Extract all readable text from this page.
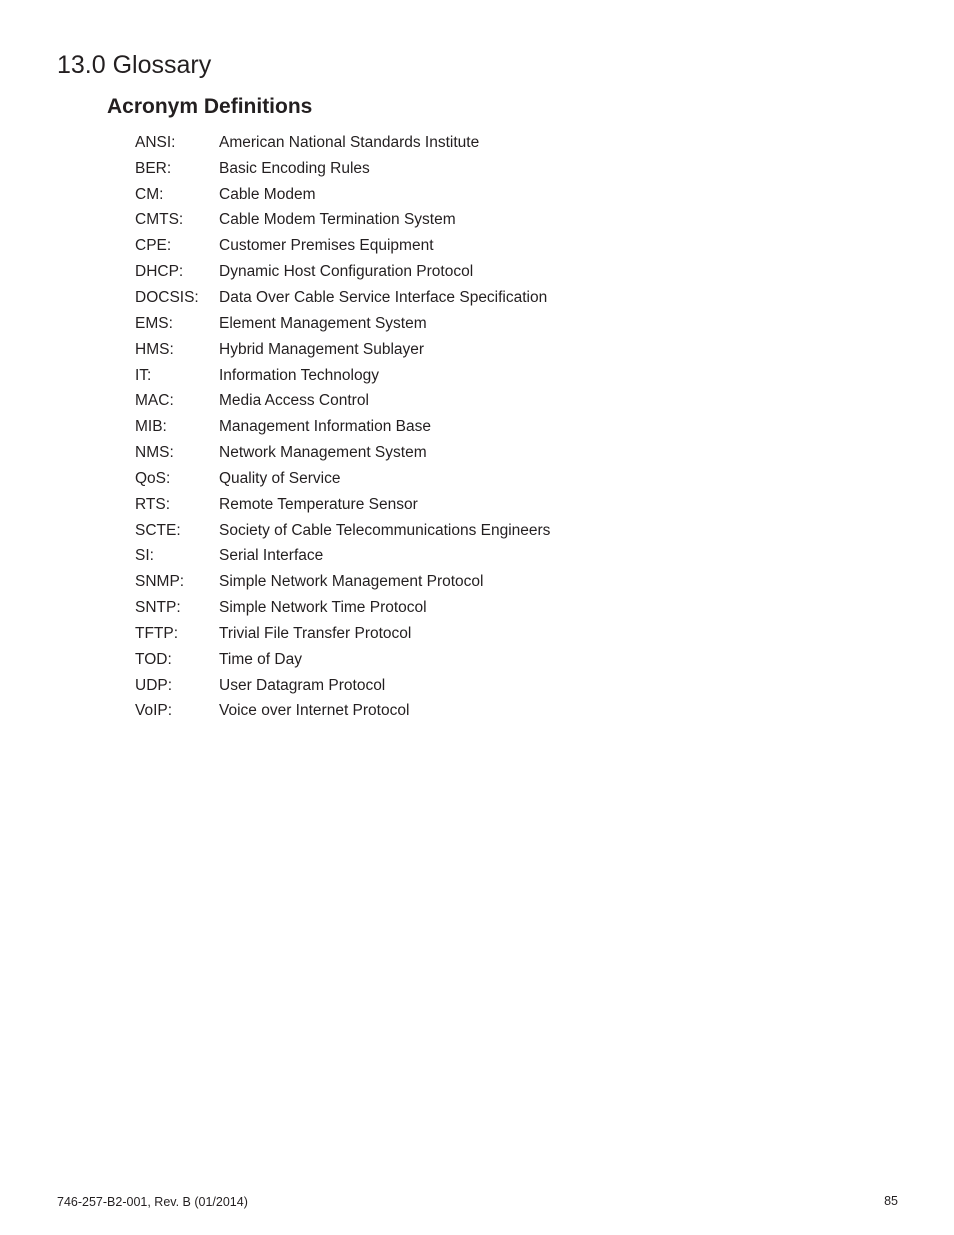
13.0 Glossary
Acronym Definitions
ANSI:	American National Standards Institute
BER:	Basic Encoding Rules
CM:	Cable Modem
CMTS:	Cable Modem Termination System
CPE:	Customer Premises Equipment
DHCP:	Dynamic Host Configuration Protocol
DOCSIS:	Data Over Cable Service Interface Specification
EMS:	Element Management System
HMS:	Hybrid Management Sublayer
IT:	Information Technology
MAC:	Media Access Control
MIB:	Management Information Base
NMS:	Network Management System
QoS:	Quality of Service
RTS:	Remote Temperature Sensor
SCTE:	Society of Cable Telecommunications Engineers
SI:	Serial Interface
SNMP:	Simple Network Management Protocol
SNTP:	Simple Network Time Protocol
TFTP:	Trivial File Transfer Protocol
TOD:	Time of Day
UDP:	User Datagram Protocol
VoIP:	Voice over Internet Protocol
746-257-B2-001, Rev. B (01/2014)	85
